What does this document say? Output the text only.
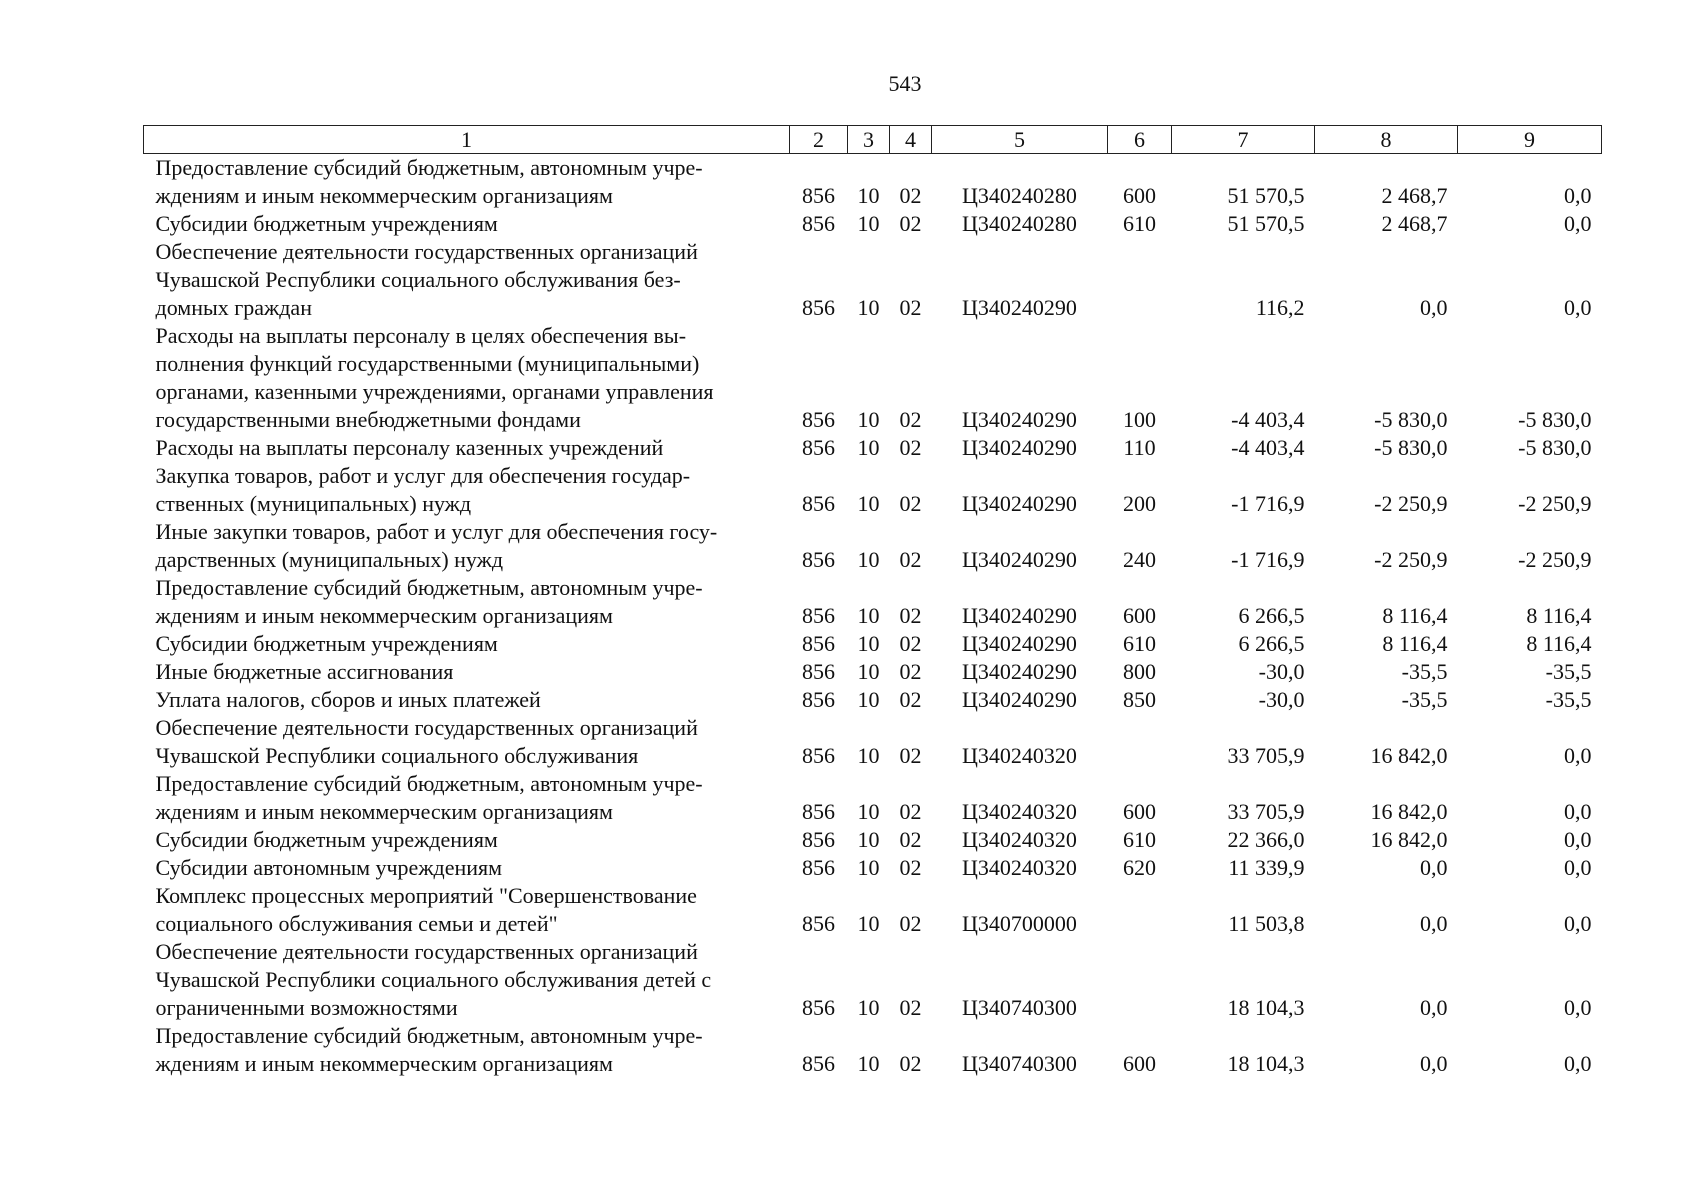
543
1	2	3	4	5	6	7	8	9

Предоставление субсидий бюджетным, автономным учре-
ждениям и иным некоммерческим организациям	856	10	02	Ц340240280	600	51 570,5	2 468,7	0,0

Субсидии бюджетным учреждениям	856	10	02	Ц340240280	610	51 570,5	2 468,7	0,0

Обеспечение деятельности государственных организаций
Чувашской Республики социального обслуживания без-
домных граждан	856	10	02	Ц340240290		116,2	0,0	0,0

Расходы на выплаты персоналу в целях обеспечения вы-
полнения функций государственными (муниципальными)
органами, казенными учреждениями, органами управления
государственными внебюджетными фондами	856	10	02	Ц340240290	100	-4 403,4	-5 830,0	-5 830,0

Расходы на выплаты персоналу казенных учреждений	856	10	02	Ц340240290	110	-4 403,4	-5 830,0	-5 830,0

Закупка товаров, работ и услуг для обеспечения государ-
ственных (муниципальных) нужд	856	10	02	Ц340240290	200	-1 716,9	-2 250,9	-2 250,9

Иные закупки товаров, работ и услуг для обеспечения госу-
дарственных (муниципальных) нужд	856	10	02	Ц340240290	240	-1 716,9	-2 250,9	-2 250,9

Предоставление субсидий бюджетным, автономным учре-
ждениям и иным некоммерческим организациям	856	10	02	Ц340240290	600	6 266,5	8 116,4	8 116,4

Субсидии бюджетным учреждениям	856	10	02	Ц340240290	610	6 266,5	8 116,4	8 116,4

Иные бюджетные ассигнования	856	10	02	Ц340240290	800	-30,0	-35,5	-35,5

Уплата налогов, сборов и иных платежей	856	10	02	Ц340240290	850	-30,0	-35,5	-35,5

Обеспечение деятельности государственных организаций
Чувашской Республики социального обслуживания	856	10	02	Ц340240320		33 705,9	16 842,0	0,0

Предоставление субсидий бюджетным, автономным учре-
ждениям и иным некоммерческим организациям	856	10	02	Ц340240320	600	33 705,9	16 842,0	0,0

Субсидии бюджетным учреждениям	856	10	02	Ц340240320	610	22 366,0	16 842,0	0,0

Субсидии автономным учреждениям	856	10	02	Ц340240320	620	11 339,9	0,0	0,0

Комплекс процессных мероприятий "Совершенствование
социального обслуживания семьи и детей"	856	10	02	Ц340700000		11 503,8	0,0	0,0

Обеспечение деятельности государственных организаций
Чувашской Республики социального обслуживания детей с
ограниченными возможностями	856	10	02	Ц340740300		18 104,3	0,0	0,0

Предоставление субсидий бюджетным, автономным учре-
ждениям и иным некоммерческим организациям	856	10	02	Ц340740300	600	18 104,3	0,0	0,0
